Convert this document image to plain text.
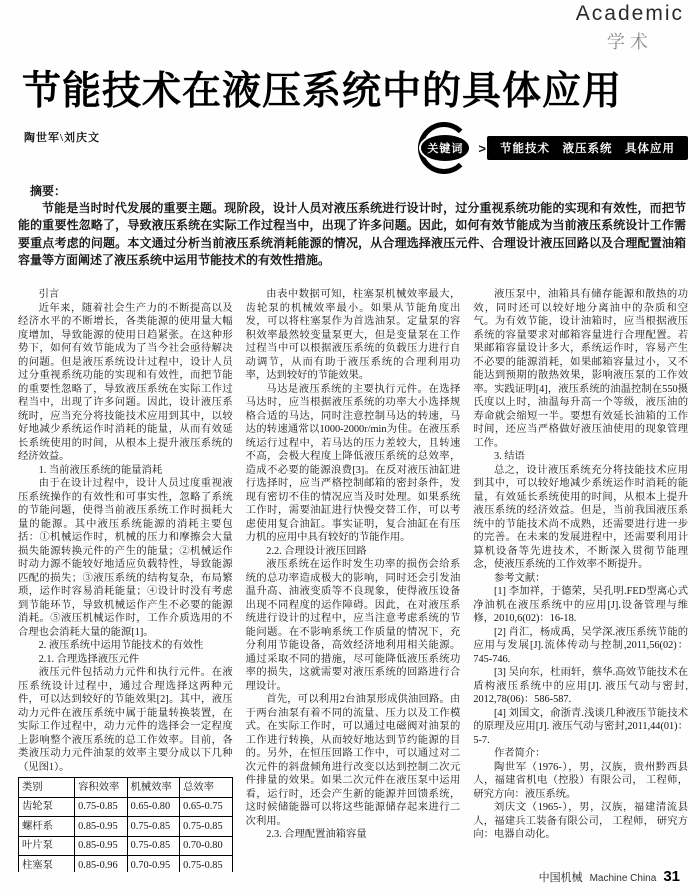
Academic
学术
节能技术在液压系统中的具体应用
陶世军\刘庆文
关键词	>	节能技术　液压系统　具体应用
摘要：

节能是当时时代发展的重要主题。现阶段，设计人员对液压系统进行设计时，过分重视系统功能的实现和有效性，而把节能的重要性忽略了，导致液压系统在实际工作过程当中，出现了许多问题。因此，如何有效节能成为当前液压系统设计工作需要重点考虑的问题。本文通过分析当前液压系统消耗能源的情况，从合理选择液压元件、合理设计液压回路以及合理配置油箱容量等方面阐述了液压系统中运用节能技术的有效性措施。

引言

近年来，随着社会生产力的不断提高以及经济水平的不断增长，各类能源的使用量大幅度增加，导致能源的使用日趋紧张。在这种形势下，如何有效节能成为了当今社会亟待解决的问题。但是液压系统设计过程中，设计人员过分重视系统功能的实现和有效性，而把节能的重要性忽略了，导致液压系统在实际工作过程当中，出现了许多问题。因此，设计液压系统时，应当充分将技能技术应用到其中，以较好地减少系统运作时消耗的能量，从而有效延长系统使用的时间，从根本上提升液压系统的经济效益。

1. 当前液压系统的能量消耗

由于在设计过程中，设计人员过度重视液压系统操作的有效性和可事实性，忽略了系统的节能问题，使得当前液压系统工作时损耗大量的能源。其中液压系统能源的消耗主要包括：①机械运作时，机械的压力和摩擦会大量损失能源转换元件的产生的能量；②机械运作时动力源不能较好地适应负载特性，导致能源匹配的损失；③液压系统的结构复杂，布局繁琐，运作时容易消耗能量；④设计时没有考虑到节能环节，导致机械运作产生不必要的能源消耗。⑤液压机械运作时，工作介质选用的不合理也会消耗大量的能源[1]。

2. 液压系统中运用节能技术的有效性

2.1. 合理选择液压元件

液压元件包括动力元件和执行元件。在液压系统设计过程中，通过合理选择这两种元件，可以达到较好的节能效果[2]。其中，液压动力元件在液压系统中属于能量转换装置，在实际工作过程中，动力元件的选择会一定程度上影响整个液压系统的总工作效率。目前，各类液压动力元件油泵的效率主要分成以下几种（见图1）。

类别	容积效率	机械效率	总效率
齿轮泵	0.75-0.85	0.65-0.80	0.65-0.75
螺杆系	0.85-0.95	0.75-0.85	0.75-0.85
叶片泵	0.85-0.95	0.75-0.85	0.70-0.80
柱塞泵	0.85-0.96	0.70-0.95	0.75-0.85

由表中数据可知，柱塞泵机械效率最大，齿轮泵的机械效率最小。如果从节能角度出发，可以将柱塞泵作为首选油泵。定量泵的容积效率最然较变量泵更大，但是变量泵在工作过程当中可以根据液压系统的负载压力进行自动调节，从而有助于液压系统的合理利用功率，达到较好的节能效果。

马达是液压系统的主要执行元件。在选择马达时，应当根据液压系统的功率大小选择规格合适的马达，同时注意控制马达的转速，马达的转速通常以1000-2000r/min为佳。在液压系统运行过程中，若马达的压力差较大，且转速不高，会极大程度上降低液压系统的总效率，造成不必要的能源浪费[3]。在反对液压油缸进行选择时，应当严格控制邮箱的密封条件，发现有密切不佳的情况应当及时处理。如果系统工作时，需要油缸进行快慢交替工作，可以考虑使用复合油缸。事实证明，复合油缸在有压力机的应用中具有较好的节能作用。

2.2. 合理设计液压回路

液压系统在运作时发生功率的损伤会给系统的总功率造成极大的影响，同时还会引发油温升高、油液变质等不良现象，使得液压设备出现不同程度的运作障碍。因此，在对液压系统进行设计的过程中，应当注意考虑系统的节能问题。在不影响系统工作质量的情况下，充分利用节能设备，高效经济地利用相关能源。通过采取不同的措施，尽可能降低液压系统功率的损失，这就需要对液压系统的回路进行合理设计。

首先，可以利用2台油泵形成供油回路。由于两台油泵有着不同的流量、压力以及工作模式。在实际工作时，可以通过电磁阀对油泵的工作进行转换，从而较好地达到节约能源的目的。另外，在恒压回路工作中，可以通过对二次元件的斜盘倾角进行改变以达到控制二次元件排量的效果。如果二次元件在液压泵中运用看，运行时，还会产生新的能源并回馈系统，这时候储能器可以将这些能源储存起来进行二次利用。

2.3. 合理配置油箱容量

液压泵中，油箱具有储存能源和散热的功效，同时还可以较好地分离油中的杂质和空气。为有效节能，设计油箱时，应当根据液压系统的容量要求对邮箱容量进行合理配置。若果邮箱容量设计多大，系统运作时，容易产生不必要的能源消耗，如果邮箱容量过小，又不能达到预期的散热效果，影响液压泵的工作效率。实践证明[4]，液压系统的油温控制在550摄氏度以上时，油温每升高一个等级，液压油的寿命就会缩短一半。要想有效延长油箱的工作时间，还应当严格做好液压油使用的现象管理工作。

3. 结语

总之，设计液压系统充分将技能技术应用到其中，可以较好地减少系统运作时消耗的能量，有效延长系统使用的时间，从根本上提升液压系统的经济效益。但是，当前我国液压系统中的节能技术尚不成熟，还需要进行进一步的完善。在未来的发展进程中，还需要利用计算机设备等先进技术，不断深入贯彻节能理念，使液压系统的工作效率不断提升。

参考文献：

[1] 李加祥，于德荣，吴孔明.FED型离心式净油机在液压系统中的应用[J].设备管理与维修，2010,6(02)：16-18.

[2] 肖汇，杨成禹，吴学深.液压系统节能的应用与发展[J].流体传动与控制,2011,56(02)：745-746.

[3] 吴向东，杜雨轩，蔡华.高效节能技术在盾构液压系统中的应用[J]. 液压气动与密封, 2012,78(06)：586-587.

[4] 刘国文，俞浙青.浅谈几种液压节能技术的原理及应用[J]. 液压气动与密封,2011,44(01)：5-7.

作者简介：

陶世军（1976-），男，汉族，贵州黔西县人，福建省机电（控股）有限公司， 工程师，研究方向：液压系统。

刘庆文（1965-），男，汉族，福建清流县人，福建兵工装备有限公司， 工程师， 研究方向：电器自动化。

中国机械 Machine China 31
